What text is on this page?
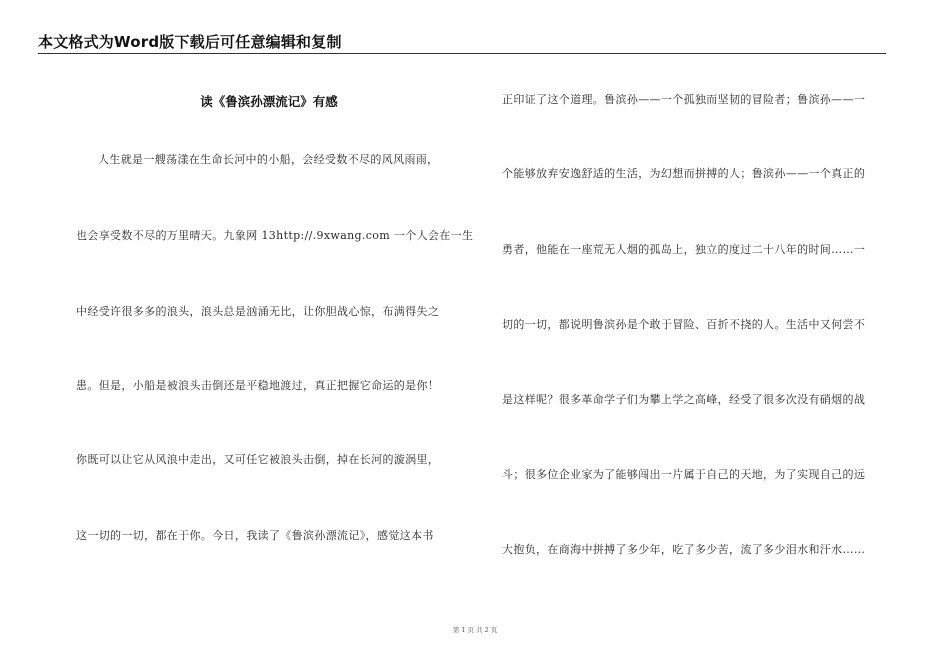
本文格式为Word版下载后可任意编辑和复制
读《鲁滨孙漂流记》有感
人生就是一艘荡漾在生命长河中的小船，会经受数不尽的风风雨雨，
也会享受数不尽的万里晴天。九象网 13http://.9xwang.com 一个人会在一生
中经受许很多多的浪头，浪头总是汹涌无比，让你胆战心惊，布满得失之
患。但是，小船是被浪头击倒还是平稳地渡过，真正把握它命运的是你！
你既可以让它从风浪中走出，又可任它被浪头击倒，掉在长河的漩涡里，
这一切的一切，都在于你。今日，我读了《鲁滨孙漂流记》，感觉这本书
正印证了这个道理。鲁滨孙——一个孤独而坚韧的冒险者；鲁滨孙——一
个能够放弃安逸舒适的生活，为幻想而拼搏的人；鲁滨孙——一个真正的
勇者，他能在一座荒无人烟的孤岛上，独立的度过二十八年的时间……一
切的一切，都说明鲁滨孙是个敢于冒险、百折不挠的人。生活中又何尝不
是这样呢？很多革命学子们为攀上学之高峰，经受了很多次没有硝烟的战
斗；很多位企业家为了能够闯出一片属于自己的天地，为了实现自己的远
大抱负，在商海中拼搏了多少年，吃了多少苦，流了多少泪水和汗水……
第 1 页 共 2 页
